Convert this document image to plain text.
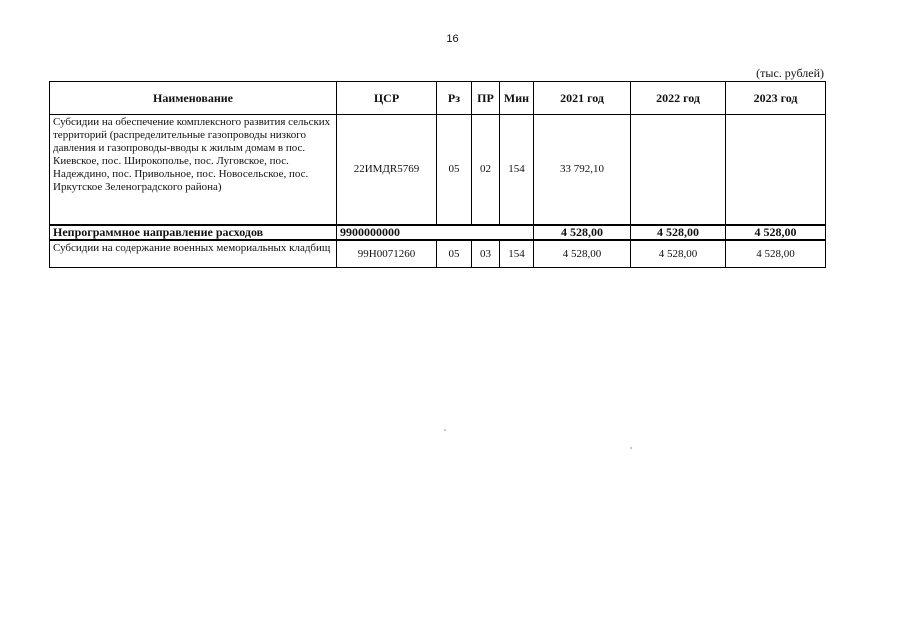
16
(тыс. рублей)
Наименование	ЦСР	Рз	ПР	Мин	2021 год	2022 год	2023 год
Субсидии на обеспечение комплексного развития сельских территорий (распределительные газопроводы низкого давления и газопроводы-вводы к жилым домам в пос. Киевское, пос. Широкополье, пос. Луговское, пос. Надеждино, пос. Привольное, пос. Новосельское, пос. Иркутское Зеленоградского района)	22ИМДR5769	05	02	154	33 792,10		
Непрограммное направление расходов	9900000000				4 528,00	4 528,00	4 528,00
Субсидии на содержание военных мемориальных кладбищ	99Н0071260	05	03	154	4 528,00	4 528,00	4 528,00
